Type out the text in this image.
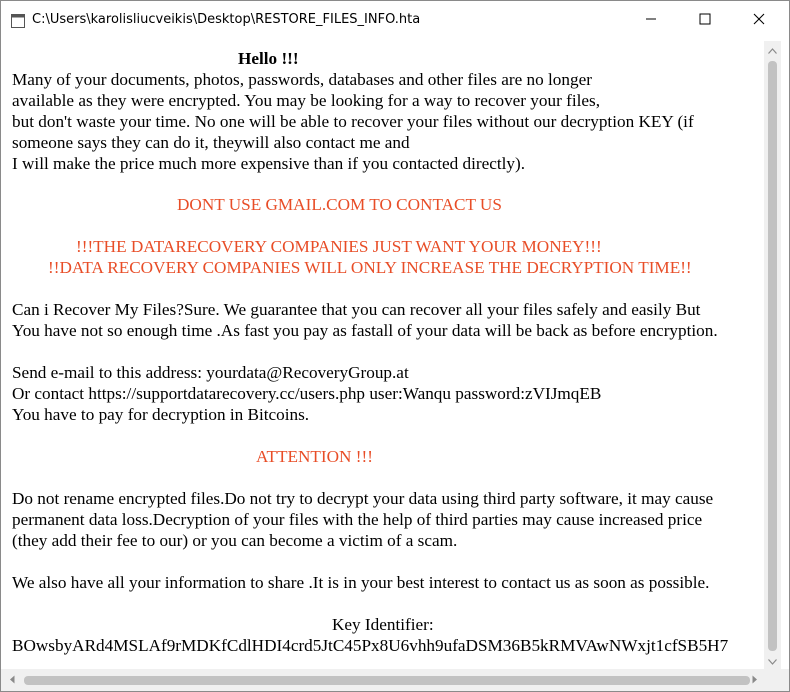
C:\Users\karolisliucveikis\Desktop\RESTORE_FILES_INFO.hta
Hello !!!
Many of your documents, photos, passwords, databases and other files are no longer
available as they were encrypted. You may be looking for a way to recover your files,
but don't waste your time. No one will be able to recover your files without our decryption KEY (if
someone says they can do it, theywill also contact me and
I will make the price much more expensive than if you contacted directly).
DONT USE GMAIL.COM TO CONTACT US
!!!THE DATARECOVERY COMPANIES JUST WANT YOUR MONEY!!!
!!DATA RECOVERY COMPANIES WILL ONLY INCREASE THE DECRYPTION TIME!!
Can i Recover My Files?Sure. We guarantee that you can recover all your files safely and easily But
You have not so enough time .As fast you pay as fastall of your data will be back as before encryption.
Send e-mail to this address: yourdata@RecoveryGroup.at
Or contact https://supportdatarecovery.cc/users.php user:Wanqu password:zVIJmqEB
You have to pay for decryption in Bitcoins.
ATTENTION !!!
Do not rename encrypted files.Do not try to decrypt your data using third party software, it may cause
permanent data loss.Decryption of your files with the help of third parties may cause increased price
(they add their fee to our) or you can become a victim of a scam.
We also have all your information to share .It is in your best interest to contact us as soon as possible.
Key Identifier:
BOwsbyARd4MSLAf9rMDKfCdlHDI4crd5JtC45Px8U6vhh9ufaDSM36B5kRMVAwNWxjt1cfSB5H7
